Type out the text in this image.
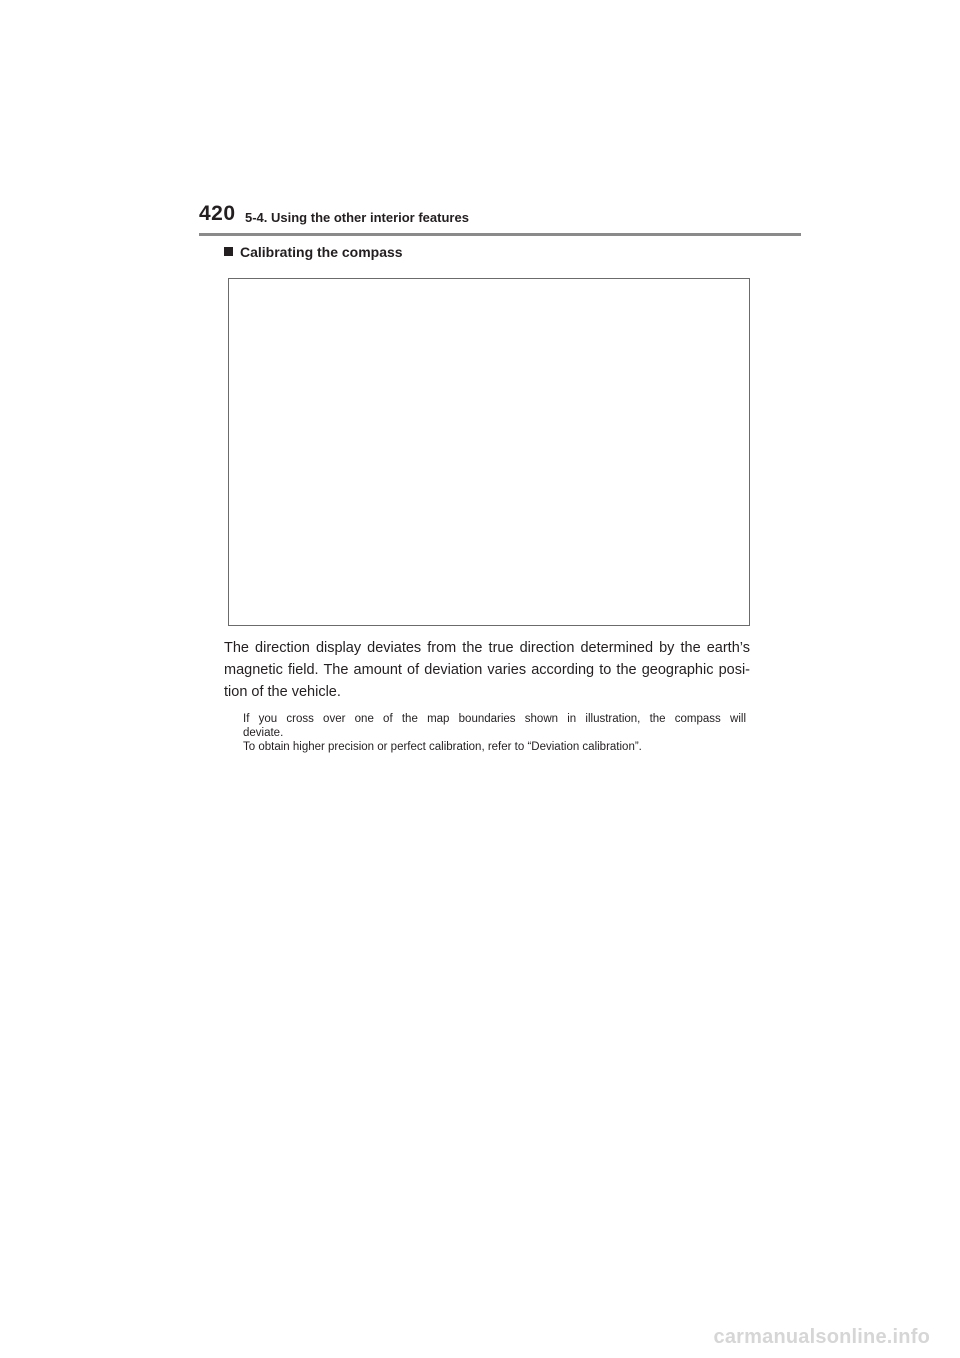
420 5-4. Using the other interior features
Calibrating the compass

The direction display deviates from the true direction determined by the earth’s magnetic field. The amount of deviation varies according to the geographic posi-tion of the vehicle.

If you cross over one of the map boundaries shown in illustration, the compass will
deviate.
To obtain higher precision or perfect calibration, refer to “Deviation calibration”.
carmanualsonline.info
